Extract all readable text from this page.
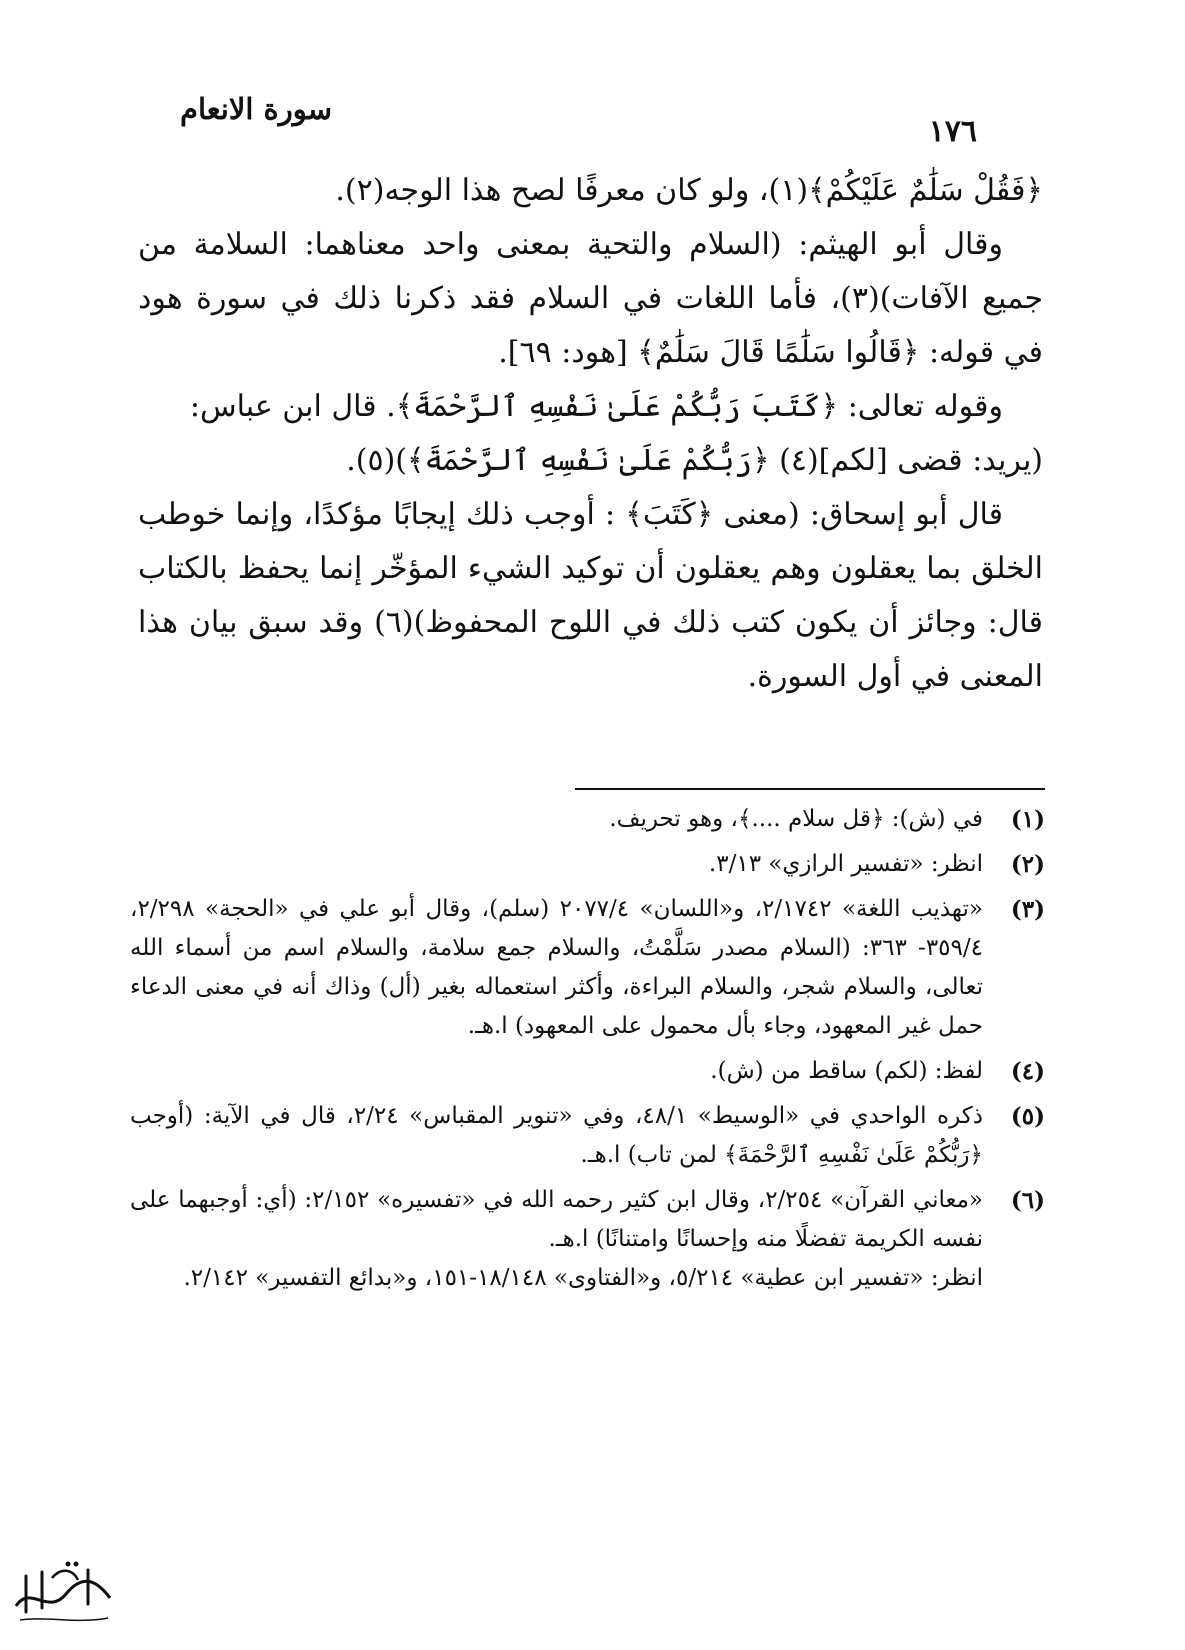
سورة الانعام
١٧٦

﴿فَقُلْ سَلَٰمٌ عَلَيْكُمْ﴾(١)، ولو كان معرفًا لصح هذا الوجه(٢).

وقال أبو الهيثم: (السلام والتحية بمعنى واحد معناهما: السلامة من جميع الآفات)(٣)، فأما اللغات في السلام فقد ذكرنا ذلك في سورة هود في قوله: ﴿قَالُوا سَلَٰمًا قَالَ سَلَٰمٌ﴾ [هود: ٦٩].

وقوله تعالى: ﴿كَتَبَ رَبُّكُمْ عَلَىٰ نَفْسِهِ ٱلرَّحْمَةَ﴾. قال ابن عباس:

(يريد: قضى [لكم](٤) ﴿رَبُّكُمْ عَلَىٰ نَفْسِهِ ٱلرَّحْمَةَ﴾)(٥).

قال أبو إسحاق: (معنى ﴿كَتَبَ﴾ : أوجب ذلك إيجابًا مؤكدًا، وإنما خوطب الخلق بما يعقلون وهم يعقلون أن توكيد الشيء المؤخّر إنما يحفظ بالكتاب قال: وجائز أن يكون كتب ذلك في اللوح المحفوظ)(٦) وقد سبق بيان هذا المعنى في أول السورة.

(١)

في (ش): ﴿قل سلام ....﴾، وهو تحريف.

(٢)

انظر: «تفسير الرازي» ٣/١٣.

(٣)

«تهذيب اللغة» ٢/١٧٤٢، و«اللسان» ٢٠٧٧/٤ (سلم)، وقال أبو علي في «الحجة» ٢/٢٩٨، ٣٥٩/٤- ٣٦٣: (السلام مصدر سَلَّمْتُ، والسلام جمع سلامة، والسلام اسم من أسماء الله تعالى، والسلام شجر، والسلام البراءة، وأكثر استعماله بغير (أل) وذاك أنه في معنى الدعاء حمل غير المعهود، وجاء بأل محمول على المعهود) ا.هـ.

(٤)

لفظ: (لكم) ساقط من (ش).

(٥)

ذكره الواحدي في «الوسيط» ٤٨/١، وفي «تنوير المقباس» ٢/٢٤، قال في الآية: (أوجب ﴿رَبُّكُمْ عَلَىٰ نَفْسِهِ ٱلرَّحْمَةَ﴾ لمن تاب) ا.هـ.

(٦)

«معاني القرآن» ٢/٢٥٤، وقال ابن كثير رحمه الله في «تفسيره» ٢/١٥٢: (أي: أوجبهما على نفسه الكريمة تفضلًا منه وإحسانًا وامتنانًا) ا.هـ.

انظر: «تفسير ابن عطية» ٥/٢١٤، و«الفتاوى» ١٨/١٤٨-١٥١، و«بدائع التفسير» ٢/١٤٢.
